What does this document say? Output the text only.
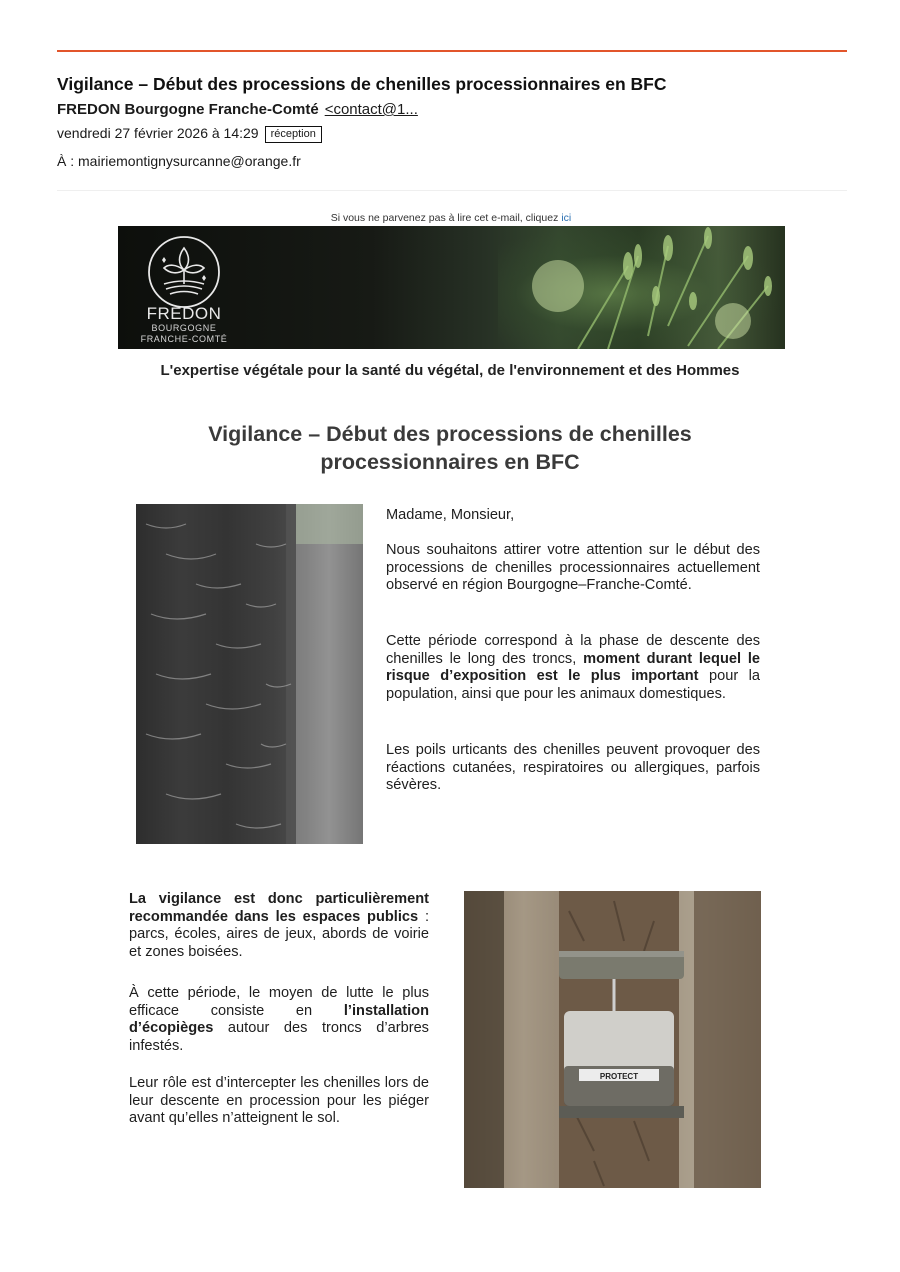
Vigilance – Début des processions de chenilles processionnaires en BFC
FREDON Bourgogne Franche-Comté <contact@1...
vendredi 27 février 2026 à 14:29 réception
À : mairiemontignysurcanne@orange.fr
Si vous ne parvenez pas à lire cet e-mail, cliquez ici
FREDON
BOURGOGNE
FRANCHE-COMTÉ
L'expertise végétale pour la santé du végétal, de l'environnement et des Hommes
Vigilance – Début des processions de chenilles processionnaires en BFC

Madame, Monsieur,

Nous souhaitons attirer votre attention sur le début des processions de chenilles processionnaires actuellement observé en région Bourgogne–Franche-Comté.

Cette période correspond à la phase de descente des chenilles le long des troncs, moment durant lequel le risque d’exposition est le plus important pour la population, ainsi que pour les animaux domestiques.

Les poils urticants des chenilles peuvent provoquer des réactions cutanées, respiratoires ou allergiques, parfois sévères.

La vigilance est donc particulièrement recommandée dans les espaces publics : parcs, écoles, aires de jeux, abords de voirie et zones boisées.

À cette période, le moyen de lutte le plus efficace consiste en l’installation d’écopièges autour des troncs d’arbres infestés.

Leur rôle est d’intercepter les chenilles lors de leur descente en procession pour les piéger avant qu’elles n’atteignent le sol.

PROTECT
